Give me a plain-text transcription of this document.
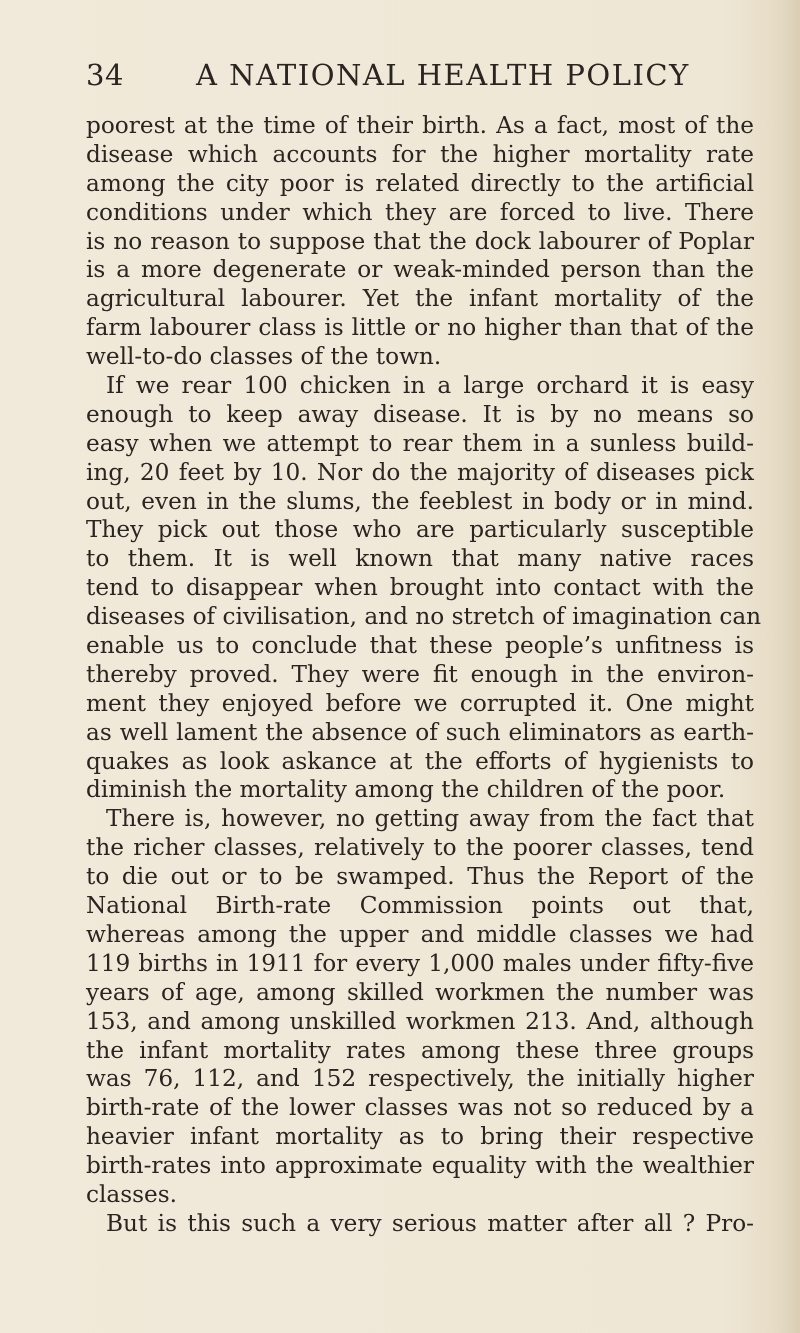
34 A NATIONAL HEALTH POLICY
poorest at the time of their birth. As a fact, most of the
disease which accounts for the higher mortality rate
among the city poor is related directly to the artificial
conditions under which they are forced to live. There
is no reason to suppose that the dock labourer of Poplar
is a more degenerate or weak-minded person than the
agricultural labourer. Yet the infant mortality of the
farm labourer class is little or no higher than that of the
well-to-do classes of the town.
If we rear 100 chicken in a large orchard it is easy
enough to keep away disease. It is by no means so
easy when we attempt to rear them in a sunless build-
ing, 20 feet by 10. Nor do the majority of diseases pick
out, even in the slums, the feeblest in body or in mind.
They pick out those who are particularly susceptible
to them. It is well known that many native races
tend to disappear when brought into contact with the
diseases of civilisation, and no stretch of imagination can
enable us to conclude that these people’s unfitness is
thereby proved. They were fit enough in the environ-
ment they enjoyed before we corrupted it. One might
as well lament the absence of such eliminators as earth-
quakes as look askance at the efforts of hygienists to
diminish the mortality among the children of the poor.
There is, however, no getting away from the fact that
the richer classes, relatively to the poorer classes, tend
to die out or to be swamped. Thus the Report of the
National Birth-rate Commission points out that,
whereas among the upper and middle classes we had
119 births in 1911 for every 1,000 males under fifty-five
years of age, among skilled workmen the number was
153, and among unskilled workmen 213. And, although
the infant mortality rates among these three groups
was 76, 112, and 152 respectively, the initially higher
birth-rate of the lower classes was not so reduced by a
heavier infant mortality as to bring their respective
birth-rates into approximate equality with the wealthier
classes.
But is this such a very serious matter after all ? Pro-
